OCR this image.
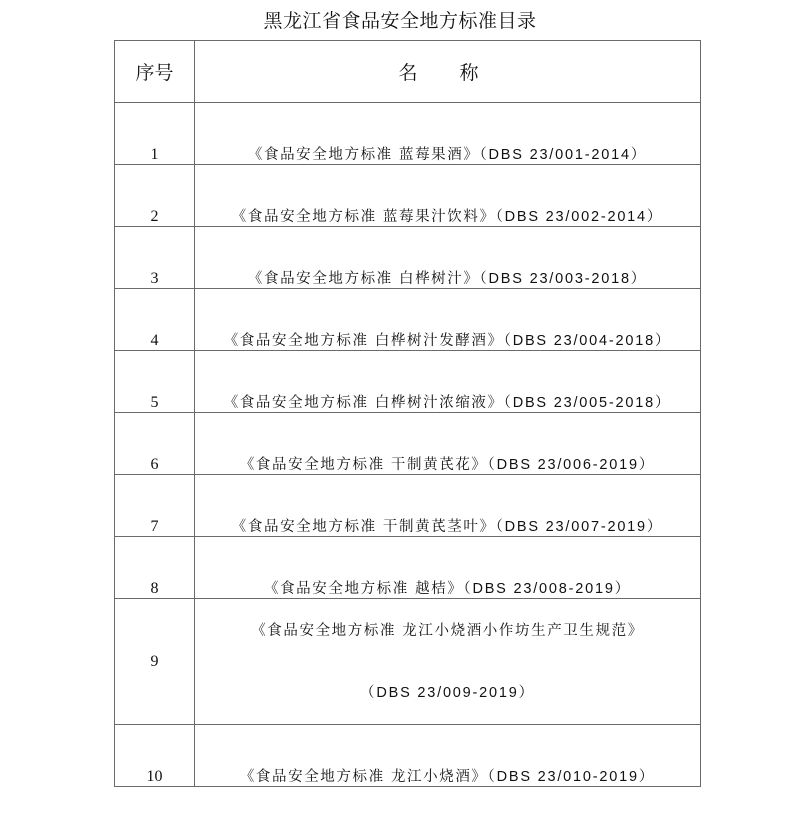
黑龙江省食品安全地方标准目录
序号	名 称
1	《食品安全地方标准 蓝莓果酒》（DBS 23/001-2014）
2	《食品安全地方标准 蓝莓果汁饮料》（DBS 23/002-2014）
3	《食品安全地方标准 白桦树汁》（DBS 23/003-2018）
4	《食品安全地方标准 白桦树汁发酵酒》（DBS 23/004-2018）
5	《食品安全地方标准 白桦树汁浓缩液》（DBS 23/005-2018）
6	《食品安全地方标准 干制黄芪花》（DBS 23/006-2019）
7	《食品安全地方标准 干制黄芪茎叶》（DBS 23/007-2019）
8	《食品安全地方标准 越桔》（DBS 23/008-2019）
9	《食品安全地方标准 龙江小烧酒小作坊生产卫生规范》
（DBS 23/009-2019）

10	《食品安全地方标准 龙江小烧酒》（DBS 23/010-2019）
